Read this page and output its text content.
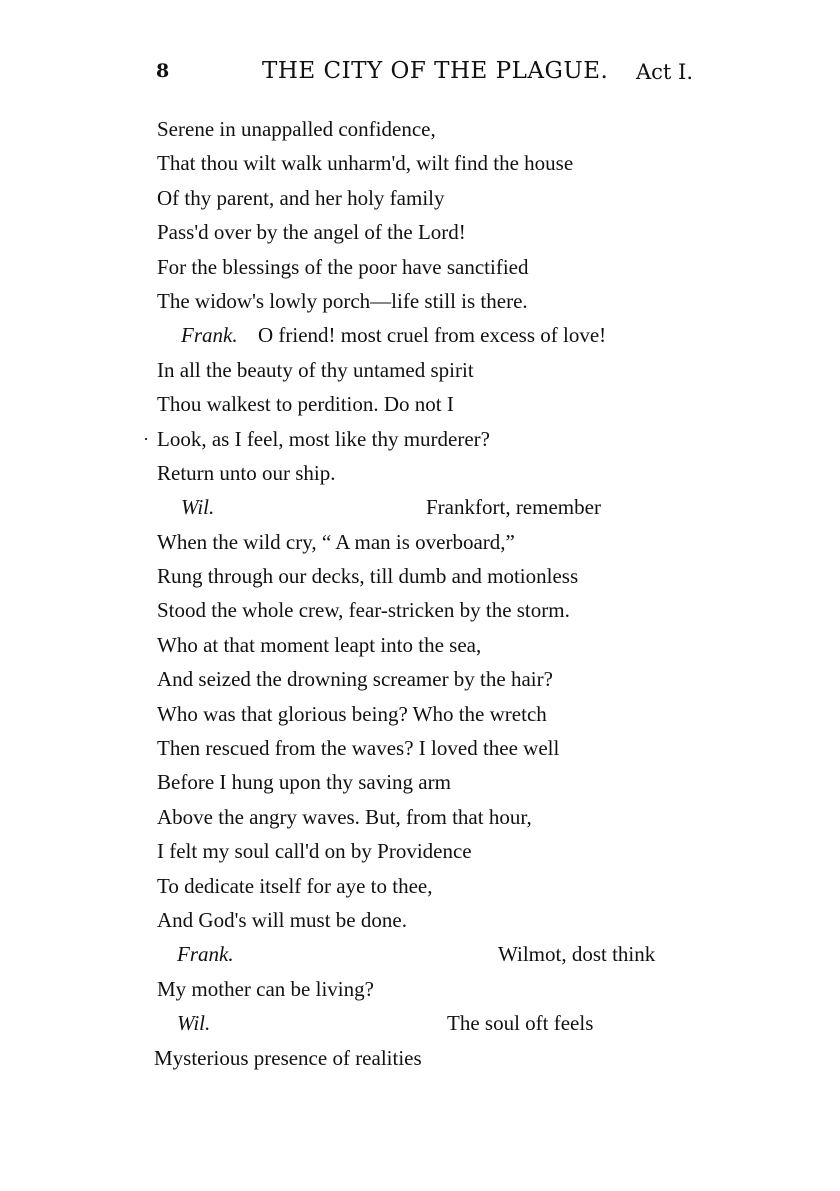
8	THE CITY OF THE PLAGUE. Act I.
Serene in unappalled confidence,
That thou wilt walk unharm'd, wilt find the house
Of thy parent, and her holy family
Pass'd over by the angel of the Lord!
For the blessings of the poor have sanctified
The widow's lowly porch—life still is there.
Frank. O friend! most cruel from excess of love!
In all the beauty of thy untamed spirit
Thou walkest to perdition. Do not I
· Look, as I feel, most like thy murderer?
Return unto our ship.
Wil.	Frankfort, remember
When the wild cry, “ A man is overboard,”
Rung through our decks, till dumb and motionless
Stood the whole crew, fear-stricken by the storm.
Who at that moment leapt into the sea,
And seized the drowning screamer by the hair?
Who was that glorious being? Who the wretch
Then rescued from the waves? I loved thee well
Before I hung upon thy saving arm
Above the angry waves. But, from that hour,
I felt my soul call'd on by Providence
To dedicate itself for aye to thee,
And God's will must be done.
Frank.	Wilmot, dost think
My mother can be living?
Wil.	The soul oft feels
Mysterious presence of realities
